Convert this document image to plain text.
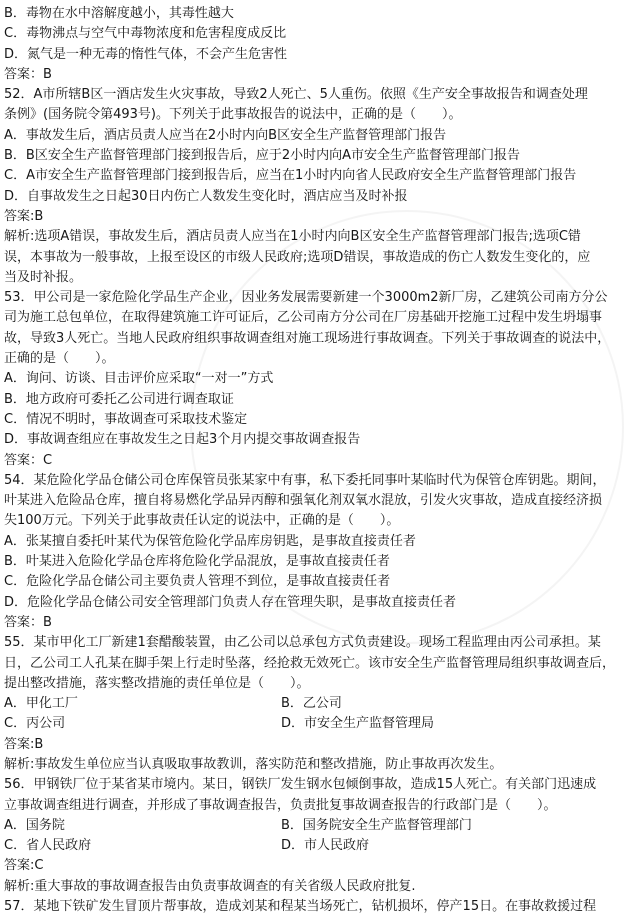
B．毒物在水中溶解度越小，其毒性越大
C．毒物沸点与空气中毒物浓度和危害程度成反比
D．氮气是一种无毒的惰性气体，不会产生危害性
答案：B
52．A市所辖B区一酒店发生火灾事故，导致2人死亡、5人重伤。依照《生产安全事故报告和调查处理
条例》(国务院令第493号)。下列关于此事故报告的说法中，正确的是（　　）。
A．事故发生后，酒店员责人应当在2小时内向B区安全生产监督管理部门报告
B．B区安全生产监督管理部门接到报告后，应于2小时内向A市安全生产监督管理部门报告
C．A市安全生产监督管理部门接到报告后，应当在1小时内向省人民政府安全生产监督管理部门报告
D．自事故发生之日起30日内伤亡人数发生变化时，酒店应当及时补报
答案:B
解析:选项A错误，事故发生后，酒店员责人应当在1小时内向B区安全生产监督管理部门报告;选项C错
误，本事故为一般事故，上报至设区的市级人民政府;选项D错误，事故造成的伤亡人数发生变化的，应
当及时补报。
53．甲公司是一家危险化学品生产企业，因业务发展需要新建一个3000m2新厂房，乙建筑公司南方分公
司为施工总包单位，在取得建筑施工许可证后，乙公司南方分公司在厂房基础开挖施工过程中发生坍塌事
故，导致3人死亡。当地人民政府组织事故调查组对施工现场进行事故调查。下列关于事故调查的说法中，
正确的是（　　）。
A．询问、访谈、目击评价应采取“一对一”方式
B．地方政府可委托乙公司进行调查取证
C．情况不明时，事故调查可采取技术鉴定
D．事故调查组应在事故发生之日起3个月内提交事故调查报告
答案：C
54．某危险化学品仓储公司仓库保管员张某家中有事，私下委托同事叶某临时代为保管仓库钥匙。期间，
叶某进入危险品仓库，擅自将易燃化学品异丙醇和强氧化剂双氧水混放，引发火灾事故，造成直接经济损
失100万元。下列关于此事故责任认定的说法中，正确的是（　　）。
A．张某擅自委托叶某代为保管危险化学品库房钥匙，是事故直接责任者
B．叶某进入危险化学品仓库将危险化学品混放，是事故直接责任者
C．危险化学品仓储公司主要负责人管理不到位，是事故直接责任者
D．危险化学品仓储公司安全管理部门负责人存在管理失职，是事故直接责任者
答案：B
55．某市甲化工厂新建1套醋酸装置，由乙公司以总承包方式负责建设。现场工程监理由丙公司承担。某
日，乙公司工人孔某在脚手架上行走时坠落，经抢救无效死亡。该市安全生产监督管理局组织事故调查后，
提出整改措施，落实整改措施的责任单位是（　　）。
A．甲化工厂	B．乙公司
C．丙公司	D．市安全生产监督管理局
答案:B
解析:事故发生单位应当认真吸取事故教训，落实防范和整改措施，防止事故再次发生。
56．甲钢铁厂位于某省某市境内。某日，钢铁厂发生钢水包倾倒事故，造成15人死亡。有关部门迅速成
立事故调查组进行调查，并形成了事故调查报告，负责批复事故调查报告的行政部门是（　　）。
A．国务院	B．国务院安全生产监督管理部门
C．省人民政府	D．市人民政府
答案:C
解析:重大事故的事故调查报告由负责事故调查的有关省级人民政府批复.
57．某地下铁矿发生冒顶片帮事故，造成刘某和程某当场死亡，钻机损坏，停产15日。在事故救援过程
